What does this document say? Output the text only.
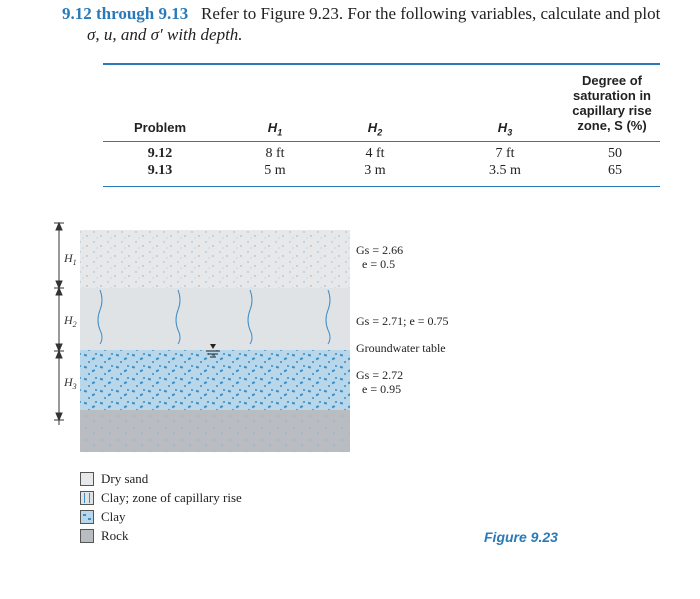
9.12 through 9.13 Refer to Figure 9.23. For the following variables, calculate and plot
σ, u, and σ′ with depth.
Problem	$H_1$	$H_2$	$H_3$
Degree of
saturation in
capillary rise
zone, S (%)
9.12	8 ft	4 ft	7 ft	50
9.13	5 m	3 m	3.5 m	65
$H_1$
$H_2$
$H_3$
Gs = 2.66
e = 0.5
Gs = 2.71; e = 0.75
Groundwater table
Gs = 2.72
e = 0.95
Dry sand
Clay; zone of capillary rise
Clay
Rock	Figure 9.23
